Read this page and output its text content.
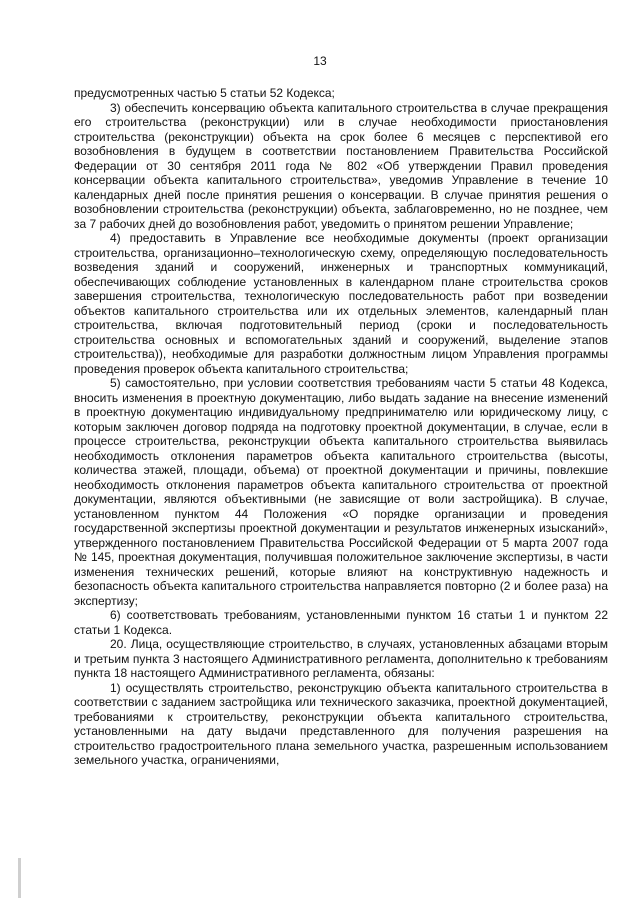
13

предусмотренных частью 5 статьи 52 Кодекса;

3) обеспечить консервацию объекта капитального строительства в случае прекращения его строительства (реконструкции) или в случае необходимости приостановления строительства (реконструкции) объекта на срок более 6 месяцев с перспективой его возобновления в будущем в соответствии постановлением Правительства Российской Федерации от 30 сентября 2011 года № 802 «Об утверждении Правил проведения консервации объекта капитального строительства», уведомив Управление в течение 10 календарных дней после принятия решения о консервации. В случае принятия решения о возобновлении строительства (реконструкции) объекта, заблаговременно, но не позднее, чем за 7 рабочих дней до возобновления работ, уведомить о принятом решении Управление;

4) предоставить в Управление все необходимые документы (проект организации строительства, организационно–технологическую схему, определяющую последовательность возведения зданий и сооружений, инженерных и транспортных коммуникаций, обеспечивающих соблюдение установленных в календарном плане строительства сроков завершения строительства, технологическую последовательность работ при возведении объектов капитального строительства или их отдельных элементов, календарный план строительства, включая подготовительный период (сроки и последовательность строительства основных и вспомогательных зданий и сооружений, выделение этапов строительства)), необходимые для разработки должностным лицом Управления программы проведения проверок объекта капитального строительства;

5) самостоятельно, при условии соответствия требованиям части 5 статьи 48 Кодекса, вносить изменения в проектную документацию, либо выдать задание на внесение изменений в проектную документацию индивидуальному предпринимателю или юридическому лицу, с которым заключен договор подряда на подготовку проектной документации, в случае, если в процессе строительства, реконструкции объекта капитального строительства выявилась необходимость отклонения параметров объекта капитального строительства (высоты, количества этажей, площади, объема) от проектной документации и причины, повлекшие необходимость отклонения параметров объекта капитального строительства от проектной документации, являются объективными (не зависящие от воли застройщика). В случае, установленном пунктом 44 Положения «О порядке организации и проведения государственной экспертизы проектной документации и результатов инженерных изысканий», утвержденного постановлением Правительства Российской Федерации от 5 марта 2007 года № 145, проектная документация, получившая положительное заключение экспертизы, в части изменения технических решений, которые влияют на конструктивную надежность и безопасность объекта капитального строительства направляется повторно (2 и более раза) на экспертизу;

6) соответствовать требованиям, установленными пунктом 16 статьи 1 и пунктом 22 статьи 1 Кодекса.

20. Лица, осуществляющие строительство, в случаях, установленных абзацами вторым и третьим пункта 3 настоящего Административного регламента, дополнительно к требованиям пункта 18 настоящего Административного регламента, обязаны:

1) осуществлять строительство, реконструкцию объекта капитального строительства в соответствии с заданием застройщика или технического заказчика, проектной документацией, требованиями к строительству, реконструкции объекта капитального строительства, установленными на дату выдачи представленного для получения разрешения на строительство градостроительного плана земельного участка, разрешенным использованием земельного участка, ограничениями,
